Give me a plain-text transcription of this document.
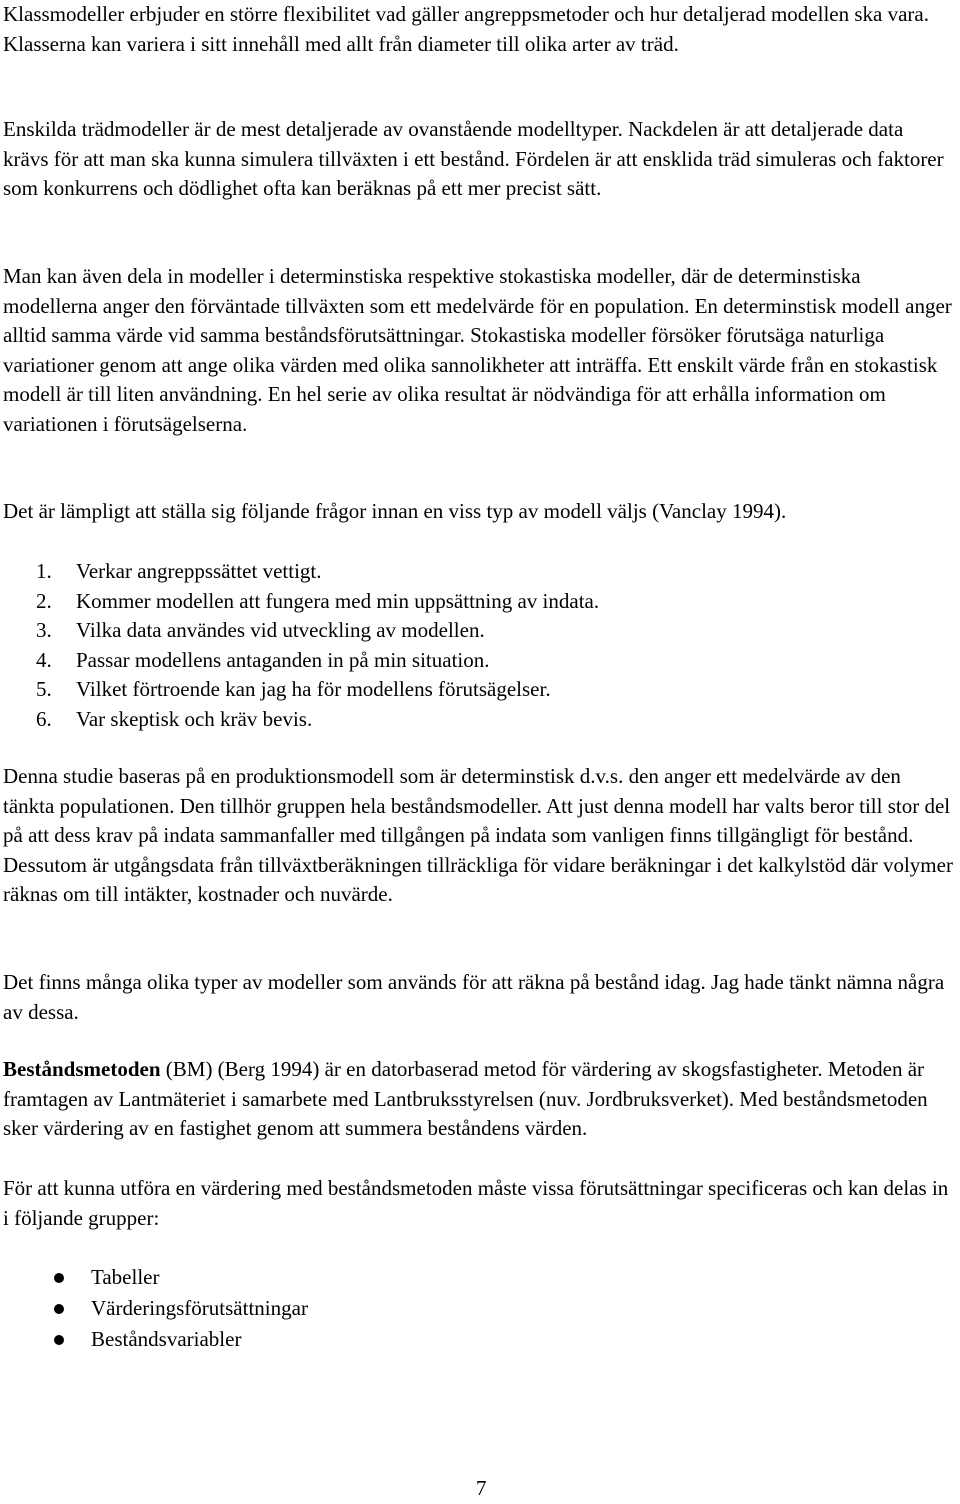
Klassmodeller erbjuder en större flexibilitet vad gäller angreppsmetoder och hur detaljerad modellen ska vara. Klasserna kan variera i sitt innehåll med allt från diameter till olika arter av träd.

Enskilda trädmodeller är de mest detaljerade av ovanstående modelltyper. Nackdelen är att detaljerade data krävs för att man ska kunna simulera tillväxten i ett bestånd. Fördelen är att ensklida träd simuleras och faktorer som konkurrens och dödlighet ofta kan beräknas på ett mer precist sätt.

Man kan även dela in modeller i determinstiska respektive stokastiska modeller, där de determinstiska modellerna anger den förväntade tillväxten som ett medelvärde för en population. En determinstisk modell anger alltid samma värde vid samma beståndsförutsättningar. Stokastiska modeller försöker förutsäga naturliga variationer genom att ange olika värden med olika sannolikheter att inträffa. Ett enskilt värde från en stokastisk modell är till liten användning. En hel serie av olika resultat är nödvändiga för att erhålla information om variationen i förutsägelserna.

Det är lämpligt att ställa sig följande frågor innan en viss typ av modell väljs (Vanclay 1994).

1. Verkar angreppssättet vettigt.
2. Kommer modellen att fungera med min uppsättning av indata.
3. Vilka data användes vid utveckling av modellen.
4. Passar modellens antaganden in på min situation.
5. Vilket förtroende kan jag ha för modellens förutsägelser.
6. Var skeptisk och kräv bevis.

Denna studie baseras på en produktionsmodell som är determinstisk d.v.s. den anger ett medelvärde av den tänkta populationen. Den tillhör gruppen hela beståndsmodeller. Att just denna modell har valts beror till stor del på att dess krav på indata sammanfaller med tillgången på indata som vanligen finns tillgängligt för bestånd. Dessutom är utgångsdata från tillväxtberäkningen tillräckliga för vidare beräkningar i det kalkylstöd där volymer räknas om till intäkter, kostnader och nuvärde.

Det finns många olika typer av modeller som används för att räkna på bestånd idag. Jag hade tänkt nämna några av dessa.

Beståndsmetoden (BM) (Berg 1994) är en datorbaserad metod för värdering av skogsfastigheter. Metoden är framtagen av Lantmäteriet i samarbete med Lantbruksstyrelsen (nuv. Jordbruksverket). Med beståndsmetoden sker värdering av en fastighet genom att summera beståndens värden.

För att kunna utföra en värdering med beståndsmetoden måste vissa förutsättningar specificeras och kan delas in i följande grupper:

Tabeller
Värderingsförutsättningar
Beståndsvariabler
7
